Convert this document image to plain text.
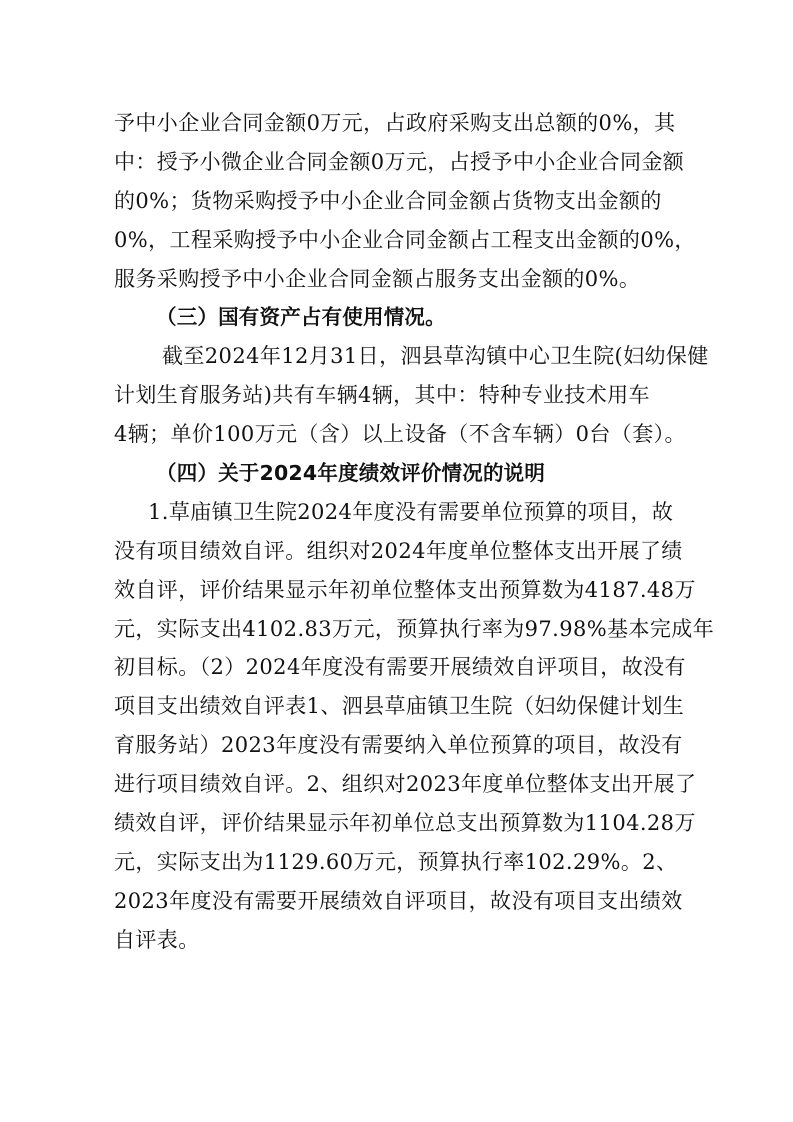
予中小企业合同金额0万元，占政府采购支出总额的0%，其
中：授予小微企业合同金额0万元，占授予中小企业合同金额
的0%；货物采购授予中小企业合同金额占货物支出金额的
0%，工程采购授予中小企业合同金额占工程支出金额的0%，
服务采购授予中小企业合同金额占服务支出金额的0%。
（三）国有资产占有使用情况。
截至2024年12月31日，泗县草沟镇中心卫生院(妇幼保健
计划生育服务站)共有车辆4辆，其中：特种专业技术用车
4辆；单价100万元（含）以上设备（不含车辆）0台（套）。
（四）关于2024年度绩效评价情况的说明
1.草庙镇卫生院2024年度没有需要单位预算的项目，故
没有项目绩效自评。组织对2024年度单位整体支出开展了绩
效自评，评价结果显示年初单位整体支出预算数为4187.48万
元，实际支出4102.83万元，预算执行率为97.98%基本完成年
初目标。（2）2024年度没有需要开展绩效自评项目，故没有
项目支出绩效自评表1、泗县草庙镇卫生院（妇幼保健计划生
育服务站）2023年度没有需要纳入单位预算的项目，故没有
进行项目绩效自评。2、组织对2023年度单位整体支出开展了
绩效自评，评价结果显示年初单位总支出预算数为1104.28万
元，实际支出为1129.60万元，预算执行率102.29%。2、
2023年度没有需要开展绩效自评项目，故没有项目支出绩效
自评表。
